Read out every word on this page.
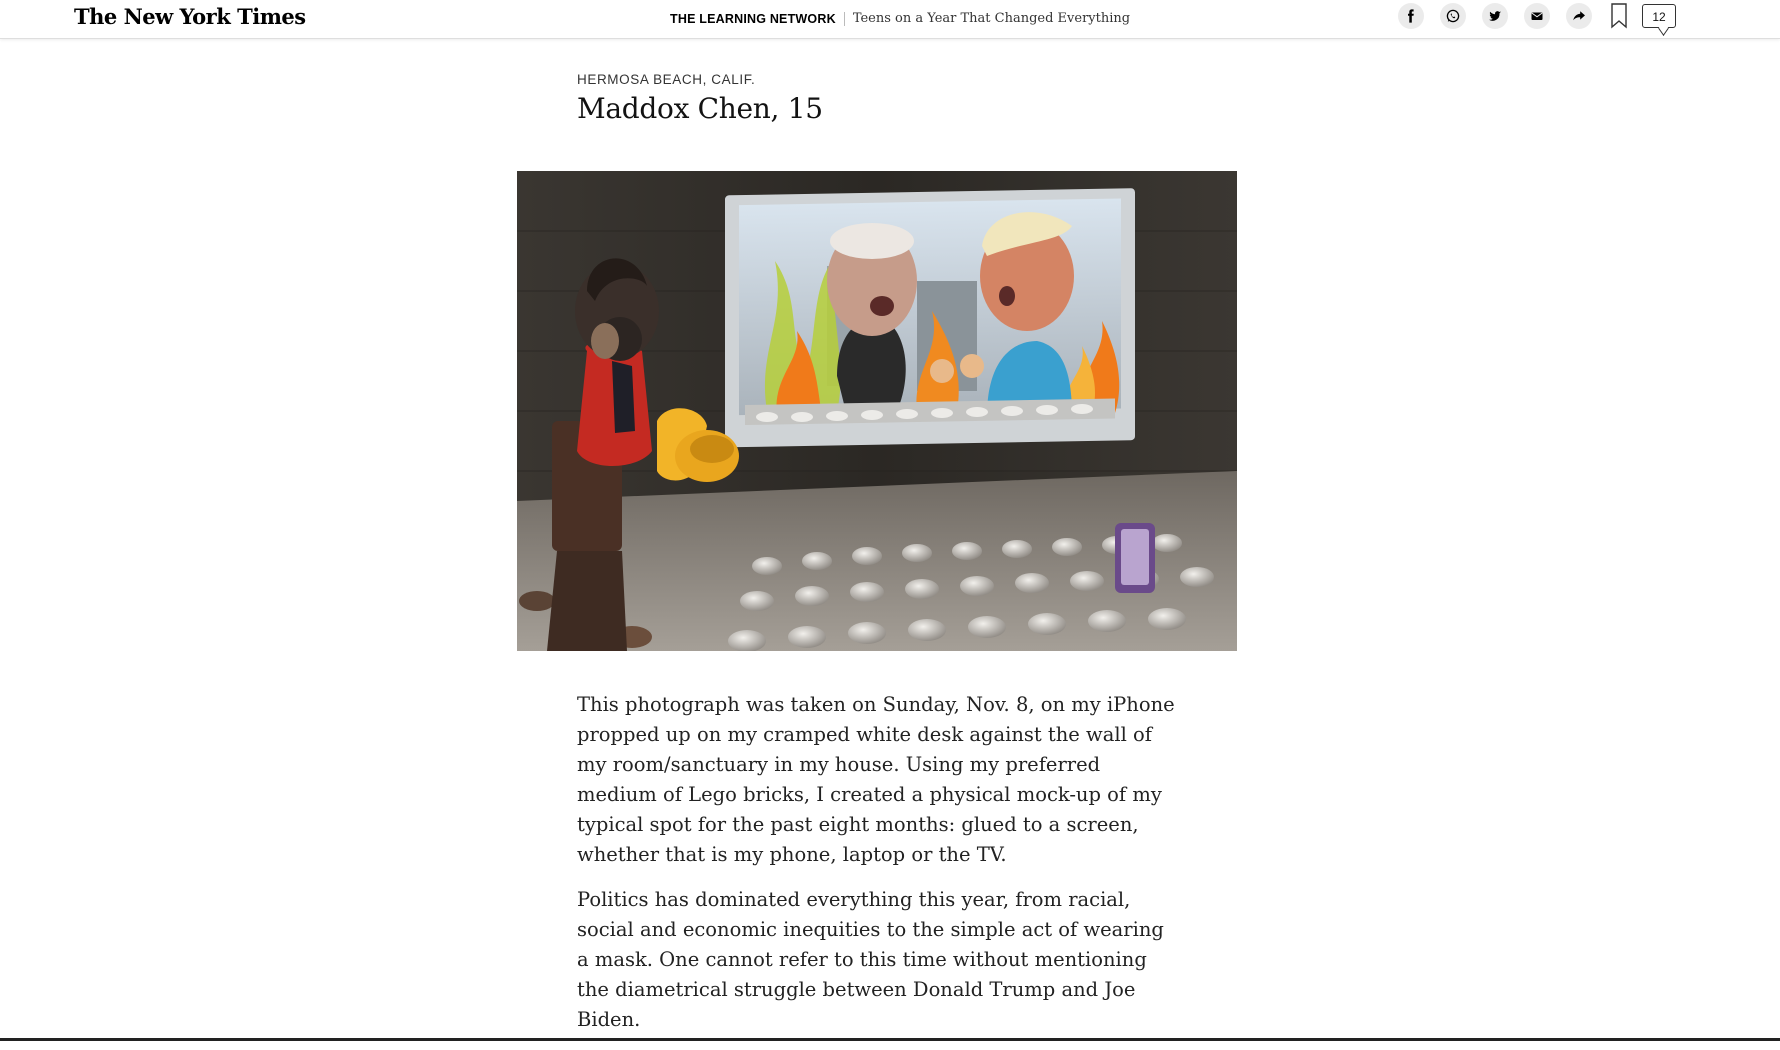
The New York Times	THE LEARNING NETWORK Teens on a Year That Changed Everything	12
HERMOSA BEACH, CALIF.
Maddox Chen, 15

This photograph was taken on Sunday, Nov. 8, on my iPhone propped up on my cramped white desk against the wall of my room/sanctuary in my house. Using my preferred medium of Lego bricks, I created a physical mock-up of my typical spot for the past eight months: glued to a screen, whether that is my phone, laptop or the TV.

Politics has dominated everything this year, from racial, social and economic inequities to the simple act of wearing a mask. One cannot refer to this time without mentioning the diametrical struggle between Donald Trump and Joe Biden.
